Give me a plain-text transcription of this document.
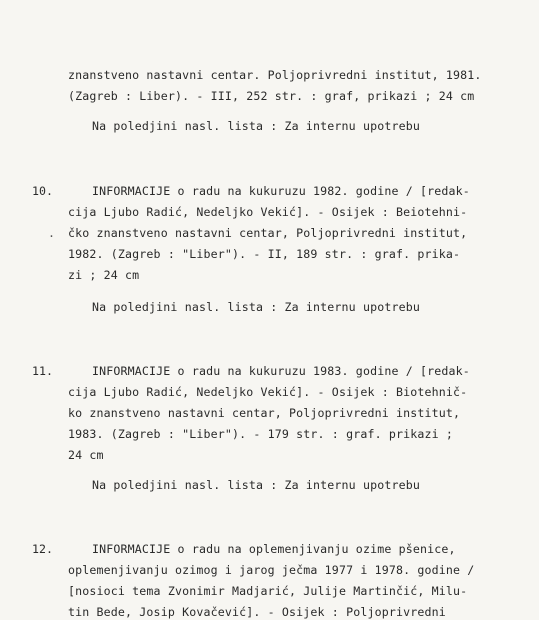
znanstveno nastavni centar. Poljoprivredni institut, 1981.
(Zagreb : Liber). - III, 252 str. : graf, prikazi ; 24 cm
Na poledjini nasl. lista : Za internu upotrebu
10.	INFORMACIJE o radu na kukuruzu 1982. godine / [redak-
cija Ljubo Radić, Nedeljko Vekić]. - Osijek : Beiotehni-
. čko znanstveno nastavni centar, Poljoprivredni institut,
1982. (Zagreb : "Liber"). - II, 189 str. : graf. prika-
zi ; 24 cm
Na poledjini nasl. lista : Za internu upotrebu
11.	INFORMACIJE o radu na kukuruzu 1983. godine / [redak-
cija Ljubo Radić, Nedeljko Vekić]. - Osijek : Biotehnič-
ko znanstveno nastavni centar, Poljoprivredni institut,
1983. (Zagreb : "Liber"). - 179 str. : graf. prikazi ;
24 cm
Na poledjini nasl. lista : Za internu upotrebu
12.	INFORMACIJE o radu na oplemenjivanju ozime pšenice,
oplemenjivanju ozimog i jarog ječma 1977 i 1978. godine /
[nosioci tema Zvonimir Madjarić, Julije Martinčić, Milu-
tin Bede, Josip Kovačević]. - Osijek : Poljoprivredni
